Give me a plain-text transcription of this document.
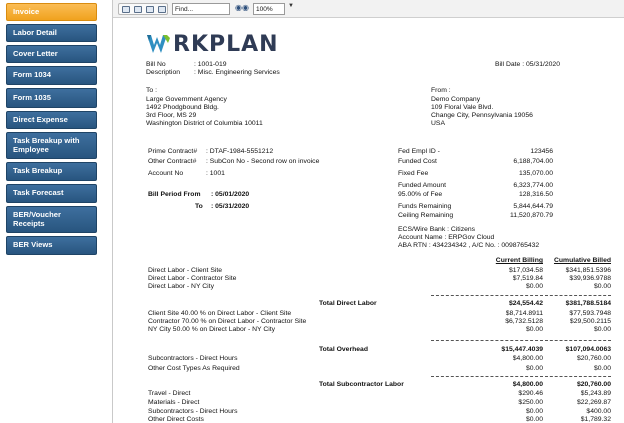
Invoice
Labor Detail
Cover Letter
Form 1034
Form 1035
Direct Expense
Task Breakup with Employee
Task Breakup
Task Forecast
BER/Voucher Receipts
BER Views
Find...	◉◉	100%	▼
RKPLAN
Bill No	: 1001-019
Description : Misc. Engineering Services
Bill Date : 05/31/2020
To :
Large Government Agency
1492 Phodgbound Bldg.
3rd Floor, MS 29
Washington District of Columbia 10011
From :
Demo Company
109 Floral Vale Blvd.
Change City, Pennsylvania 19056
USA
Prime Contract# : DTAF-1984-5551212
Other Contract# : SubCon No - Second row on invoice
Account No	: 1001
Bill Period From : 05/01/2020
To : 05/31/2020
Fed Empl ID -	123456
Funded Cost	6,188,704.00
Fixed Fee	135,070.00
Funded Amount	6,323,774.00
95.00% of Fee	128,316.50
Funds Remaining	5,844,644.79
Ceiling Remaining	11,520,870.79
ECS/Wire Bank : Citizens
Account Name : ERPGov Cloud
ABA RTN : 434234342 , A/C No. : 0098765432
Current Billing	Cumulative Billed
Direct Labor - Client Site	$17,034.58	$341,851.5396
Direct Labor - Contractor Site	$7,519.84	$39,936.9788
Direct Labor - NY City	$0.00	$0.00
Total Direct Labor	$24,554.42	$381,788.5184
Client Site 40.00 % on Direct Labor - Client Site	$8,714.8911	$77,593.7948
Contractor 70.00 % on Direct Labor - Contractor Site	$6,732.5128	$29,500.2115
NY City 50.00 % on Direct Labor - NY City	$0.00	$0.00
Total Overhead	$15,447.4039	$107,094.0063
Subcontractors - Direct Hours	$4,800.00	$20,760.00
Other Cost Types As Required	$0.00	$0.00
Total Subcontractor Labor	$4,800.00	$20,760.00
Travel - Direct	$290.46	$5,243.89
Materials - Direct	$250.00	$22,269.87
Subcontractors - Direct Hours	$0.00	$400.00
Other Direct Costs	$0.00	$1,789.32
